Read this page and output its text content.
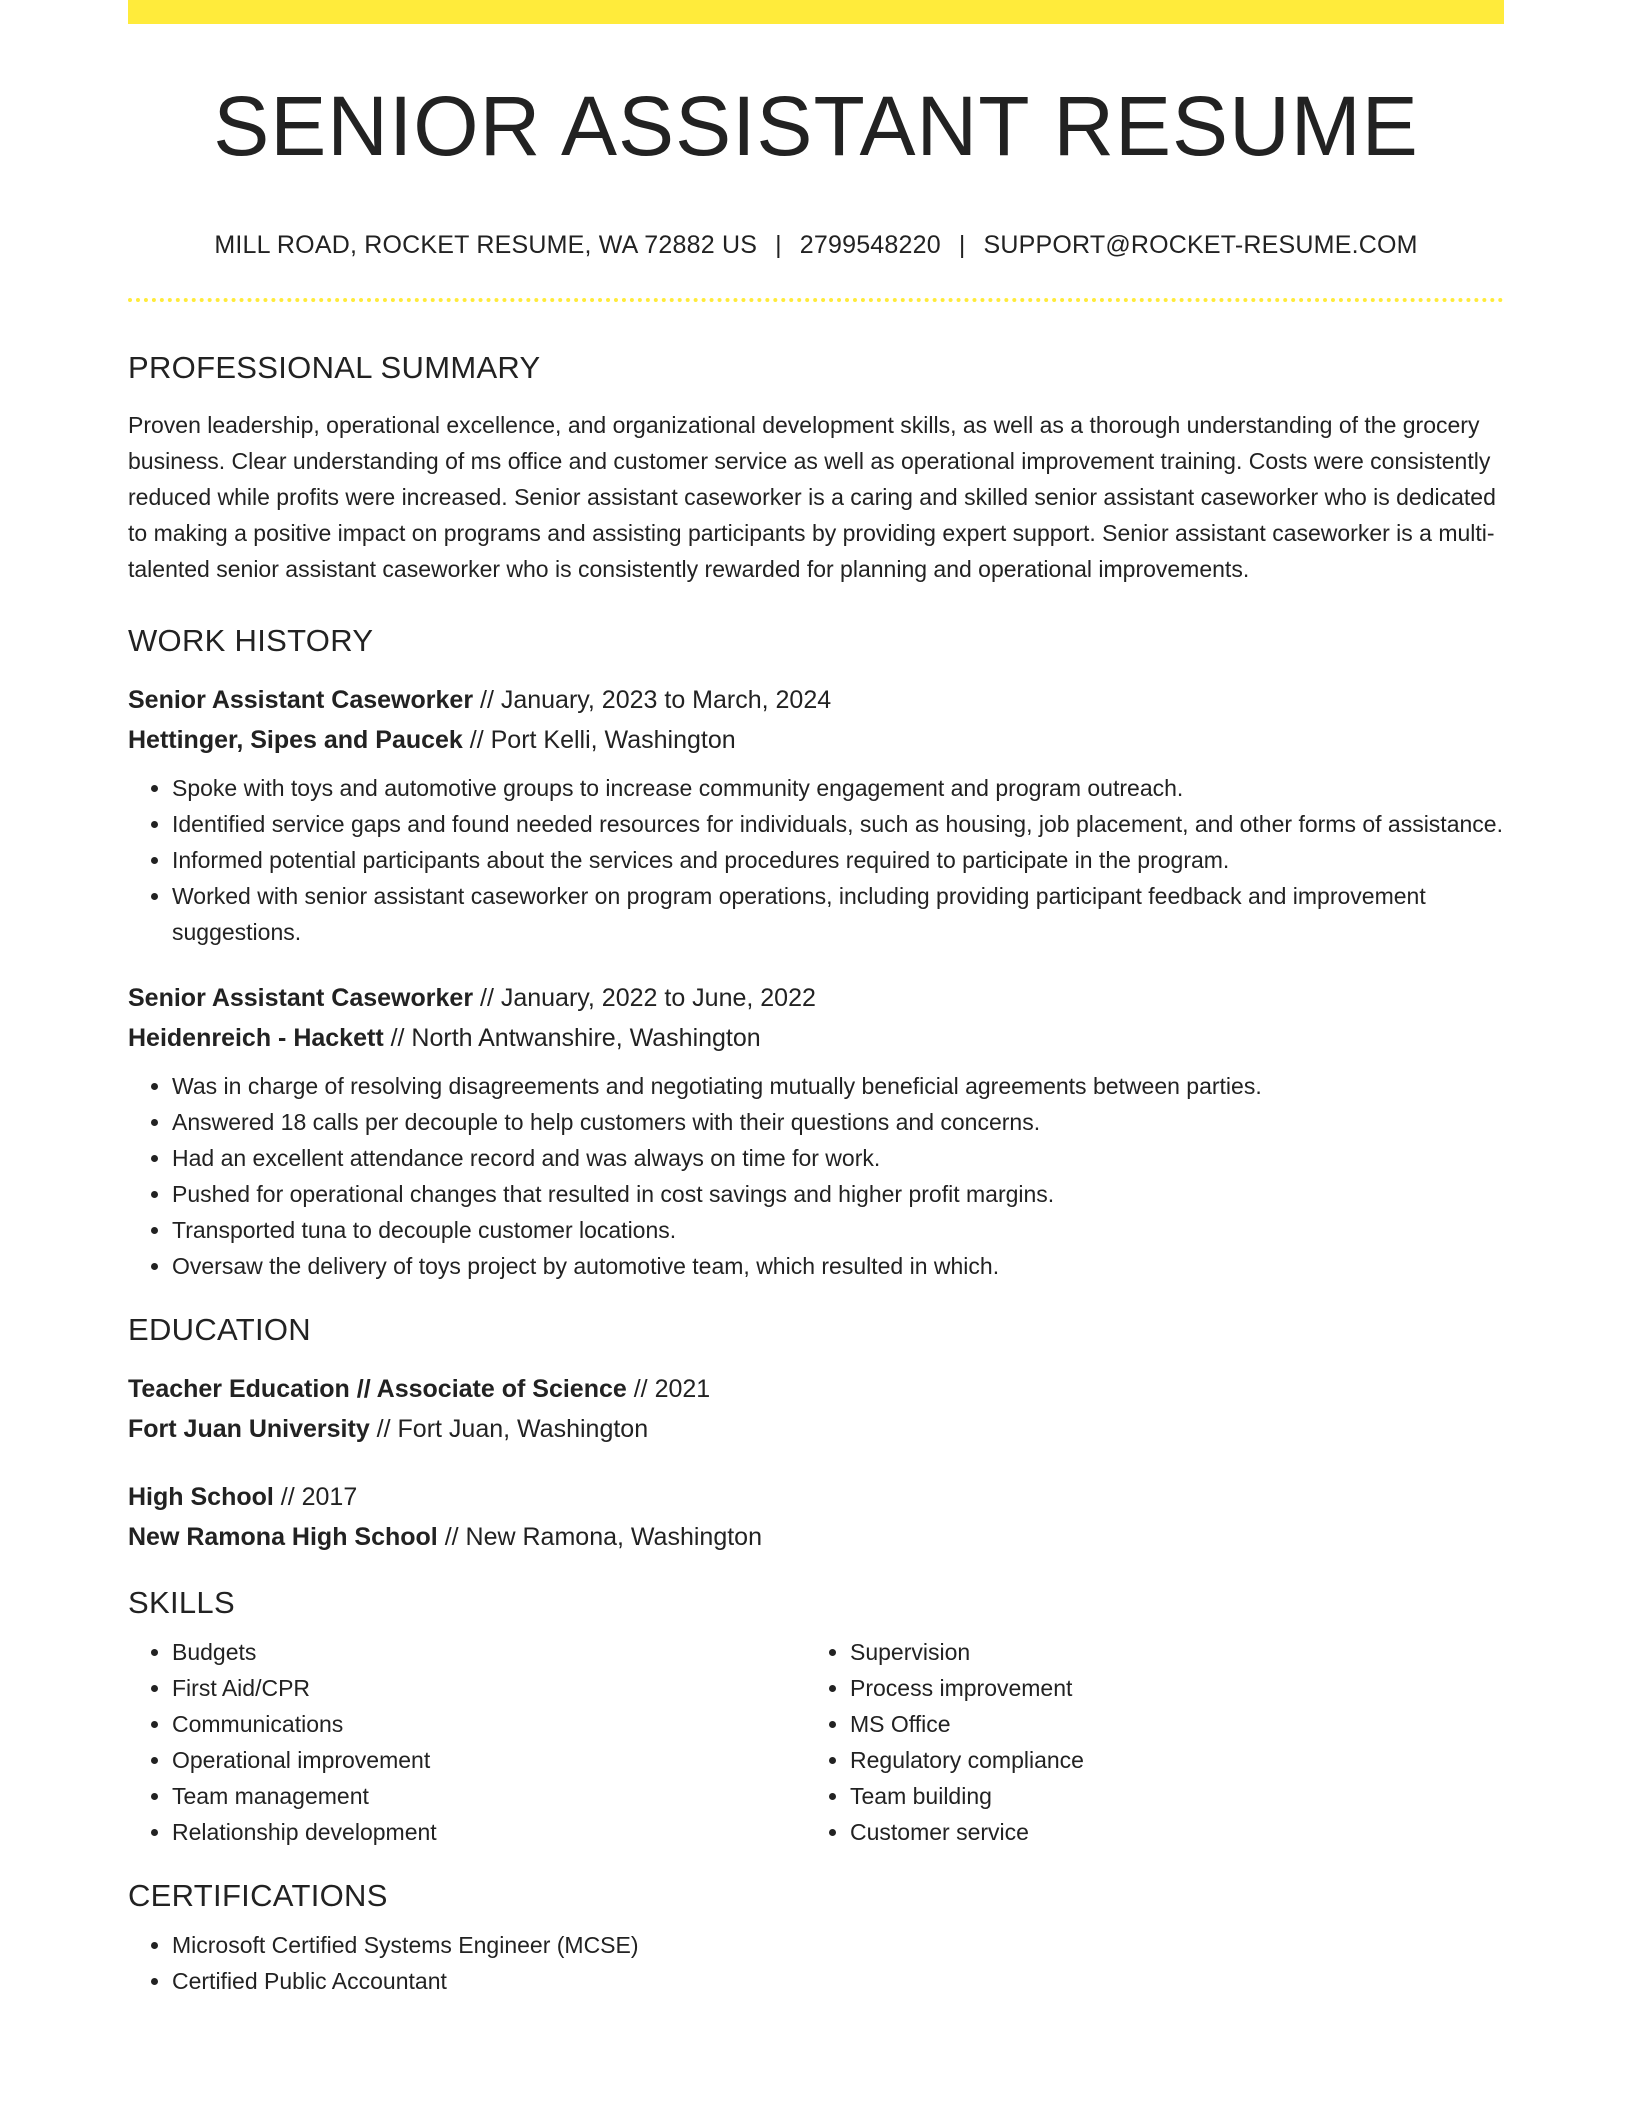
SENIOR ASSISTANT RESUME
MILL ROAD, ROCKET RESUME, WA 72882 US | 2799548220 | SUPPORT@ROCKET-RESUME.COM
PROFESSIONAL SUMMARY
Proven leadership, operational excellence, and organizational development skills, as well as a thorough understanding of the grocery business. Clear understanding of ms office and customer service as well as operational improvement training. Costs were consistently reduced while profits were increased. Senior assistant caseworker is a caring and skilled senior assistant caseworker who is dedicated to making a positive impact on programs and assisting participants by providing expert support. Senior assistant caseworker is a multi-talented senior assistant caseworker who is consistently rewarded for planning and operational improvements.
WORK HISTORY
Senior Assistant Caseworker // January, 2023 to March, 2024
Hettinger, Sipes and Paucek // Port Kelli, Washington
• Spoke with toys and automotive groups to increase community engagement and program outreach.
• Identified service gaps and found needed resources for individuals, such as housing, job placement, and other forms of assistance.
• Informed potential participants about the services and procedures required to participate in the program.
• Worked with senior assistant caseworker on program operations, including providing participant feedback and improvement suggestions.
Senior Assistant Caseworker // January, 2022 to June, 2022
Heidenreich - Hackett // North Antwanshire, Washington
• Was in charge of resolving disagreements and negotiating mutually beneficial agreements between parties.
• Answered 18 calls per decouple to help customers with their questions and concerns.
• Had an excellent attendance record and was always on time for work.
• Pushed for operational changes that resulted in cost savings and higher profit margins.
• Transported tuna to decouple customer locations.
• Oversaw the delivery of toys project by automotive team, which resulted in which.
EDUCATION
Teacher Education // Associate of Science // 2021
Fort Juan University // Fort Juan, Washington
High School // 2017
New Ramona High School // New Ramona, Washington
SKILLS
• Budgets
• First Aid/CPR
• Communications
• Operational improvement
• Team management
• Relationship development
• Supervision
• Process improvement
• MS Office
• Regulatory compliance
• Team building
• Customer service
CERTIFICATIONS
• Microsoft Certified Systems Engineer (MCSE)
• Certified Public Accountant
